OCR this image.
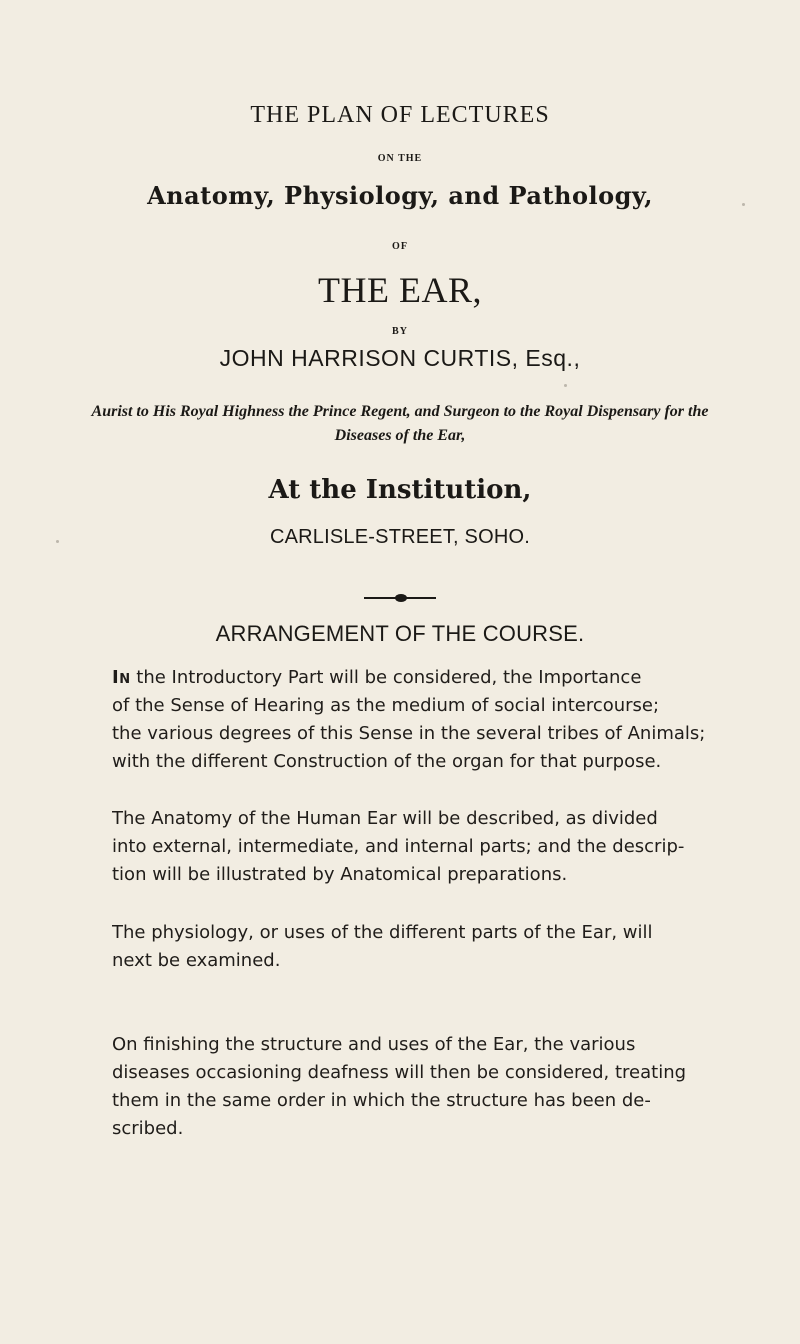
THE PLAN OF LECTURES
ON THE
Anatomy, Physiology, and Pathology,
OF
THE EAR,
BY
JOHN HARRISON CURTIS, Esq.,
Aurist to His Royal Highness the Prince Regent, and Surgeon to the Royal Dispensary for the Diseases of the Ear,
At the Institution,
CARLISLE-STREET, SOHO.
ARRANGEMENT OF THE COURSE.
In the Introductory Part will be considered, the Importance
of the Sense of Hearing as the medium of social intercourse;
the various degrees of this Sense in the several tribes of Animals;
with the different Construction of the organ for that purpose.
The Anatomy of the Human Ear will be described, as divided
into external, intermediate, and internal parts; and the descrip-
tion will be illustrated by Anatomical preparations.
The physiology, or uses of the different parts of the Ear, will
next be examined.
On finishing the structure and uses of the Ear, the various
diseases occasioning deafness will then be considered, treating
them in the same order in which the structure has been de-
scribed.
